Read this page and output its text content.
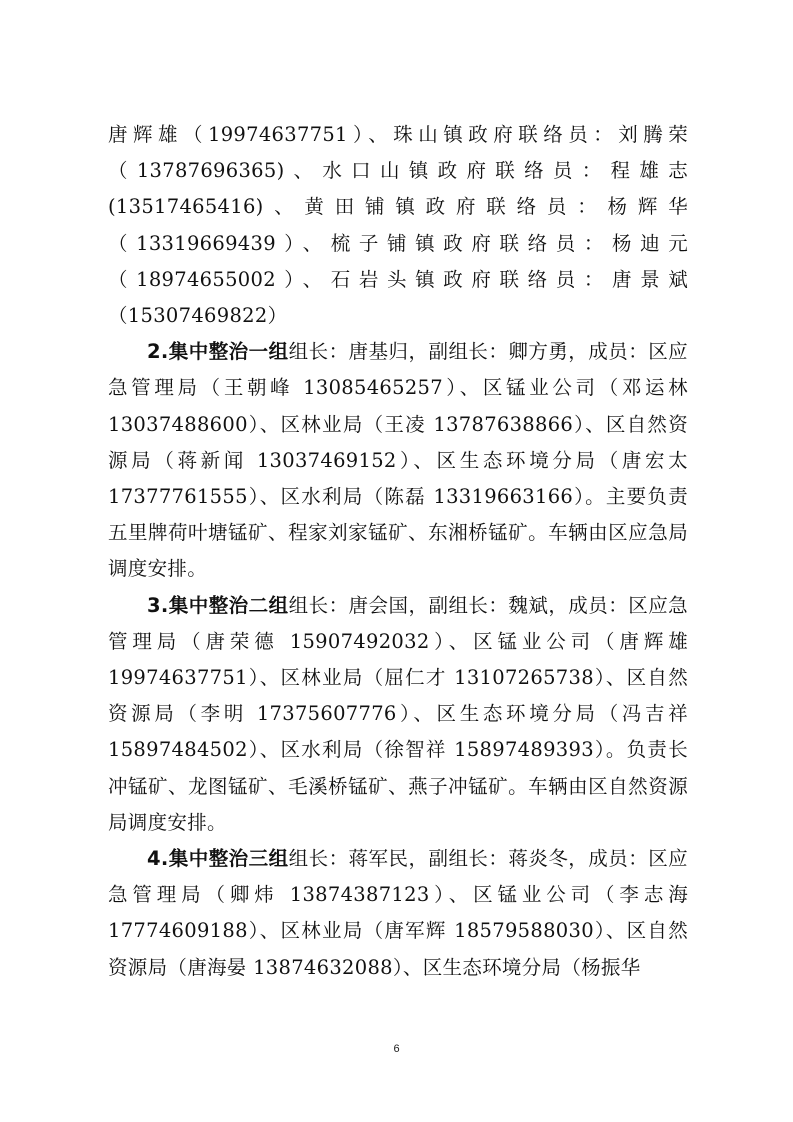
唐辉雄（19974637751）、珠山镇政府联络员：刘腾荣（13787696365)、水口山镇政府联络员：程雄志(13517465416)、黄田铺镇政府联络员：杨辉华（13319669439）、梳子铺镇政府联络员：杨迪元（18974655002）、石岩头镇政府联络员：唐景斌（15307469822）

2.集中整治一组组长：唐基归，副组长：卿方勇，成员：区应急管理局（王朝峰 13085465257）、区锰业公司（邓运林 13037488600）、区林业局（王凌 13787638866）、区自然资源局（蒋新闻 13037469152）、区生态环境分局（唐宏太 17377761555）、区水利局（陈磊 13319663166）。主要负责五里牌荷叶塘锰矿、程家刘家锰矿、东湘桥锰矿。车辆由区应急局调度安排。

3.集中整治二组组长：唐会国，副组长：魏斌，成员：区应急管理局（唐荣德 15907492032）、区锰业公司（唐辉雄 19974637751）、区林业局（屈仁才 13107265738）、区自然资源局（李明 17375607776）、区生态环境分局（冯吉祥 15897484502）、区水利局（徐智祥 15897489393）。负责长冲锰矿、龙图锰矿、毛溪桥锰矿、燕子冲锰矿。车辆由区自然资源局调度安排。

4.集中整治三组组长：蒋军民，副组长：蒋炎冬，成员：区应急管理局（卿炜 13874387123）、区锰业公司（李志海 17774609188）、区林业局（唐军辉 18579588030）、区自然资源局（唐海晏 13874632088）、区生态环境分局（杨振华

6
